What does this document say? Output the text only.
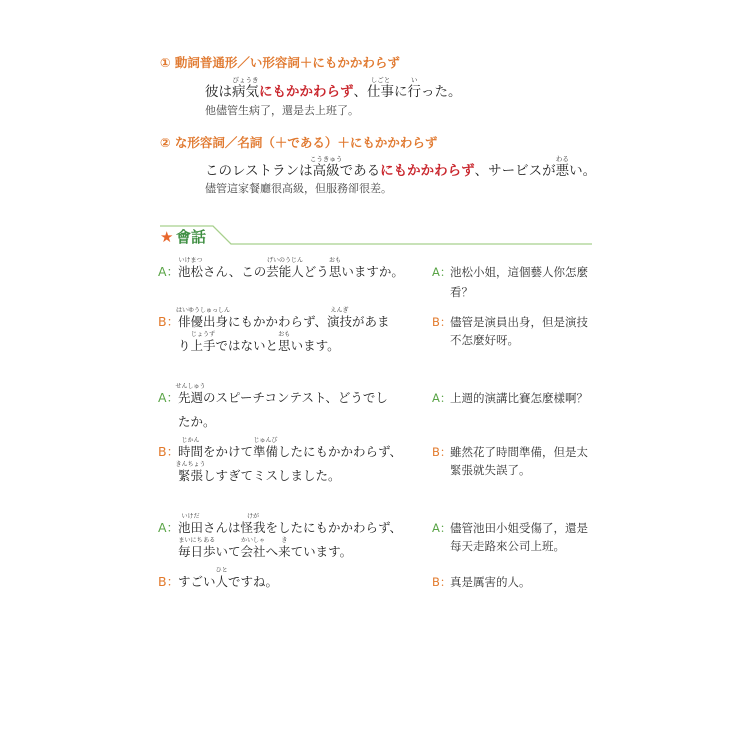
① 動詞普通形／い形容詞＋にもかかわらず
彼は病気
びょうき
にもかかわらず、仕事
しごと
に行
い
った。
他儘管生病了，還是去上班了。
② な形容詞／名詞（＋である）＋にもかかわらず
このレストランは高級
こうきゅう
であるにもかかわらず、サービスが悪
わる
い。
儘管這家餐廳很高級，但服務卻很差。
★ 會話
A：
池松
いけまつ
さん、この芸能人
げいのうじん
どう思
おも
いますか。 A：
池松小姐，這個藝人你怎麼
看？
B：
俳優出身
はいゆうしゅっしん
にもかかわらず、演技
えんぎ
があま
り上手
じょうず
ではないと思
おも
います。
B：
儘管是演員出身，但是演技
不怎麼好呀。
A：
先週
せんしゅう
のスピーチコンテスト、どうでし
たか。
A：
上週的演講比賽怎麼樣啊？
B：
時間
じかん
をかけて準備
じゅんび
したにもかかわらず、
緊張
きんちょう
しすぎてミスしました。
B：
雖然花了時間準備，但是太
緊張就失誤了。
A：
池田
いけだ
さんは怪我
けが
をしたにもかかわらず、
毎日
まいにち
歩
ある
いて会社
かいしゃ
へ来
き
ています。
A：
儘管池田小姐受傷了，還是
每天走路來公司上班。
B：
すごい人
ひと
ですね。	B：
真是厲害的人。
